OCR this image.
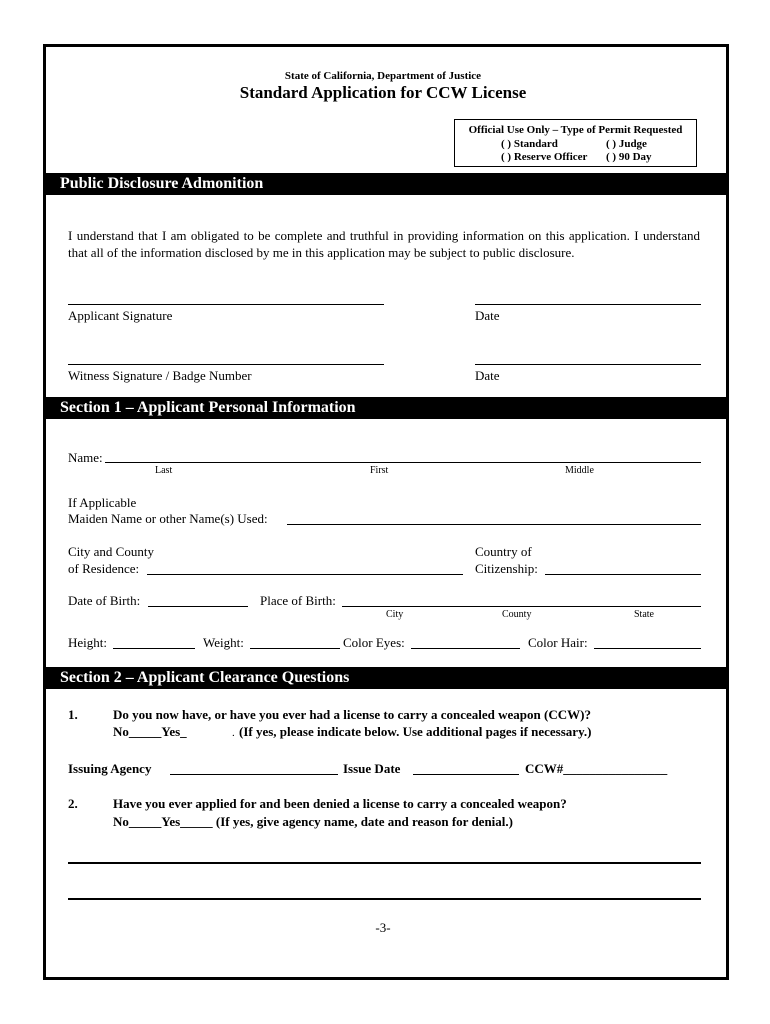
State of California, Department of Justice
Standard Application for CCW License
Official Use Only – Type of Permit Requested
( ) Standard	( ) Judge
( ) Reserve Officer ( ) 90 Day
Public Disclosure Admonition
I understand that I am obligated to be complete and truthful in providing information on this application. I understand that all of the information disclosed by me in this application may be subject to public disclosure.
Applicant Signature	Date
Witness Signature / Badge Number	Date
Section 1 – Applicant Personal Information
Name:
Last	First	Middle
If Applicable
Maiden Name or other Name(s) Used:
City and County
of Residence:
Country of
Citizenship:
Date of Birth:	Place of Birth:
City	County	State
Height:	Weight:	Color Eyes:	Color Hair:
Section 2 – Applicant Clearance Questions
1.	Do you now have, or have you ever had a license to carry a concealed weapon (CCW)?
No_____Yes_	. (If yes, please indicate below. Use additional pages if necessary.)
Issuing Agency	Issue Date	CCW#________________
2.	Have you ever applied for and been denied a license to carry a concealed weapon?
No_____Yes_____ (If yes, give agency name, date and reason for denial.)
-3-
